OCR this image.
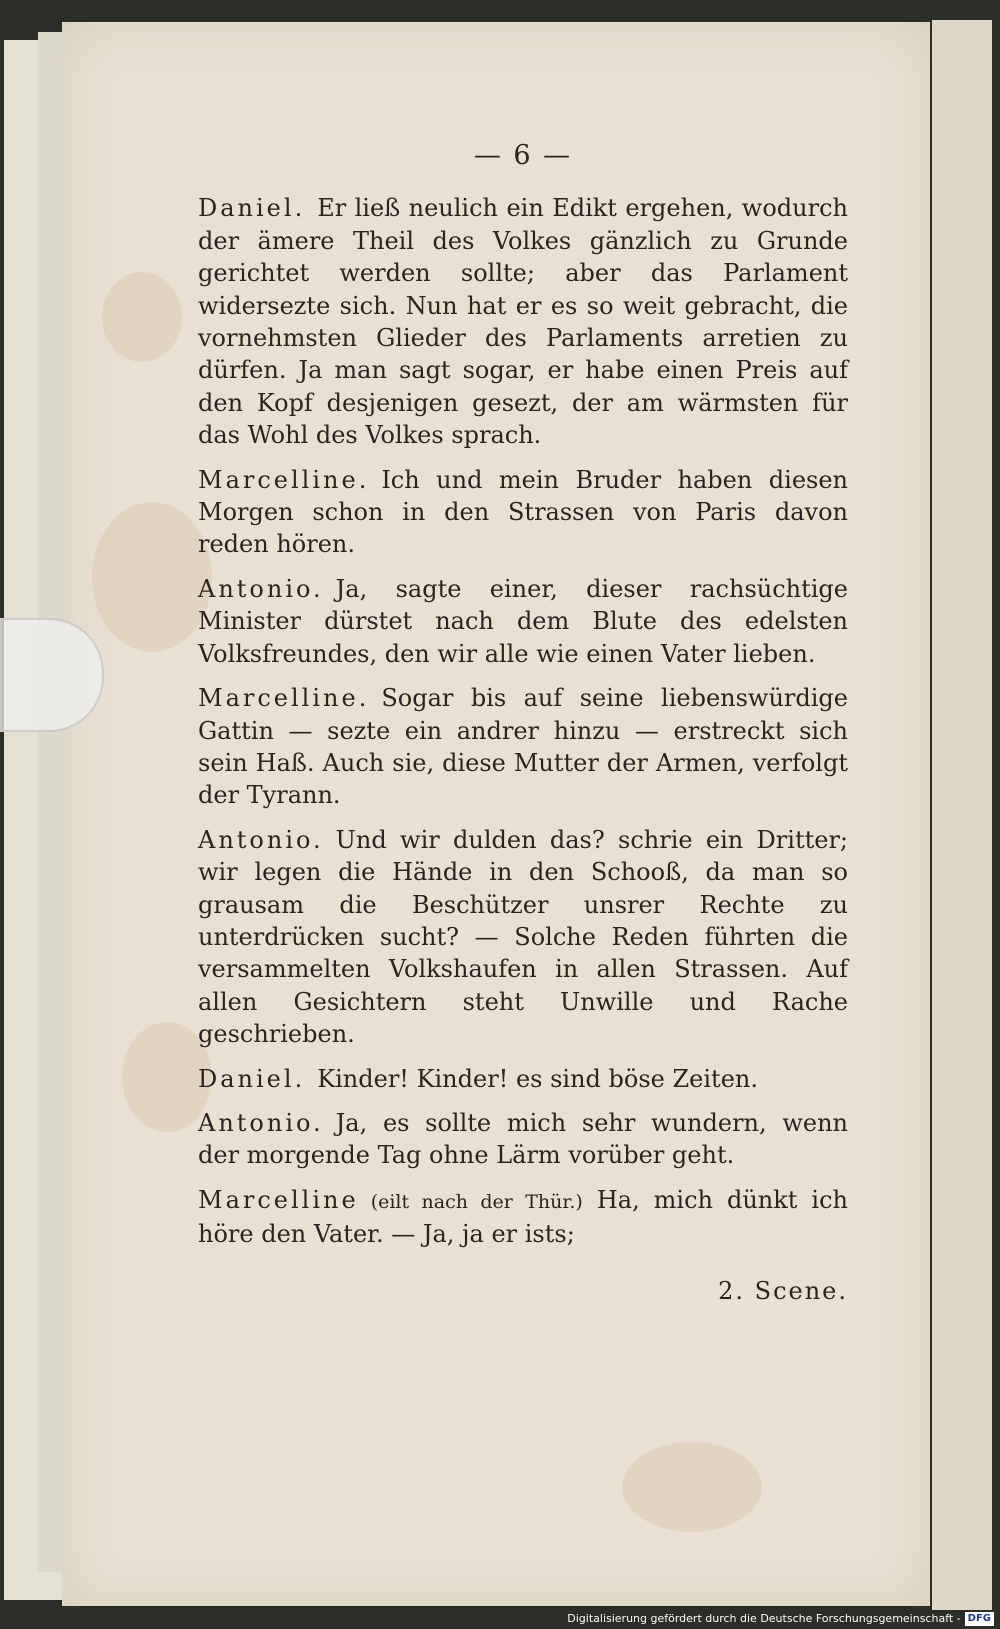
— 6 —

Daniel. Er ließ neulich ein Edikt ergehen, wodurch der ämere Theil des Volkes gänzlich zu Grunde gerichtet werden sollte; aber das Parlament widersezte sich. Nun hat er es so weit gebracht, die vornehmsten Glieder des Parlaments arretien zu dürfen. Ja man sagt sogar, er habe einen Preis auf den Kopf desjenigen gesezt, der am wärmsten für das Wohl des Volkes sprach.

Marcelline. Ich und mein Bruder haben diesen Morgen schon in den Strassen von Paris davon reden hören.

Antonio. Ja, sagte einer, dieser rachsüchtige Minister dürstet nach dem Blute des edelsten Volksfreundes, den wir alle wie einen Vater lieben.

Marcelline. Sogar bis auf seine liebenswürdige Gattin — sezte ein andrer hinzu — erstreckt sich sein Haß. Auch sie, diese Mutter der Armen, verfolgt der Tyrann.

Antonio. Und wir dulden das? schrie ein Dritter; wir legen die Hände in den Schooß, da man so grausam die Beschützer unsrer Rechte zu unterdrücken sucht? — Solche Reden führten die versammelten Volkshaufen in allen Strassen. Auf allen Gesichtern steht Unwille und Rache geschrieben.

Daniel. Kinder! Kinder! es sind böse Zeiten.

Antonio. Ja, es sollte mich sehr wundern, wenn der morgende Tag ohne Lärm vorüber geht.

Marcelline (eilt nach der Thür.) Ha, mich dünkt ich höre den Vater. — Ja, ja er ists;

2. Scene.
Digitalisierung gefördert durch die Deutsche Forschungsgemeinschaft - DFG
